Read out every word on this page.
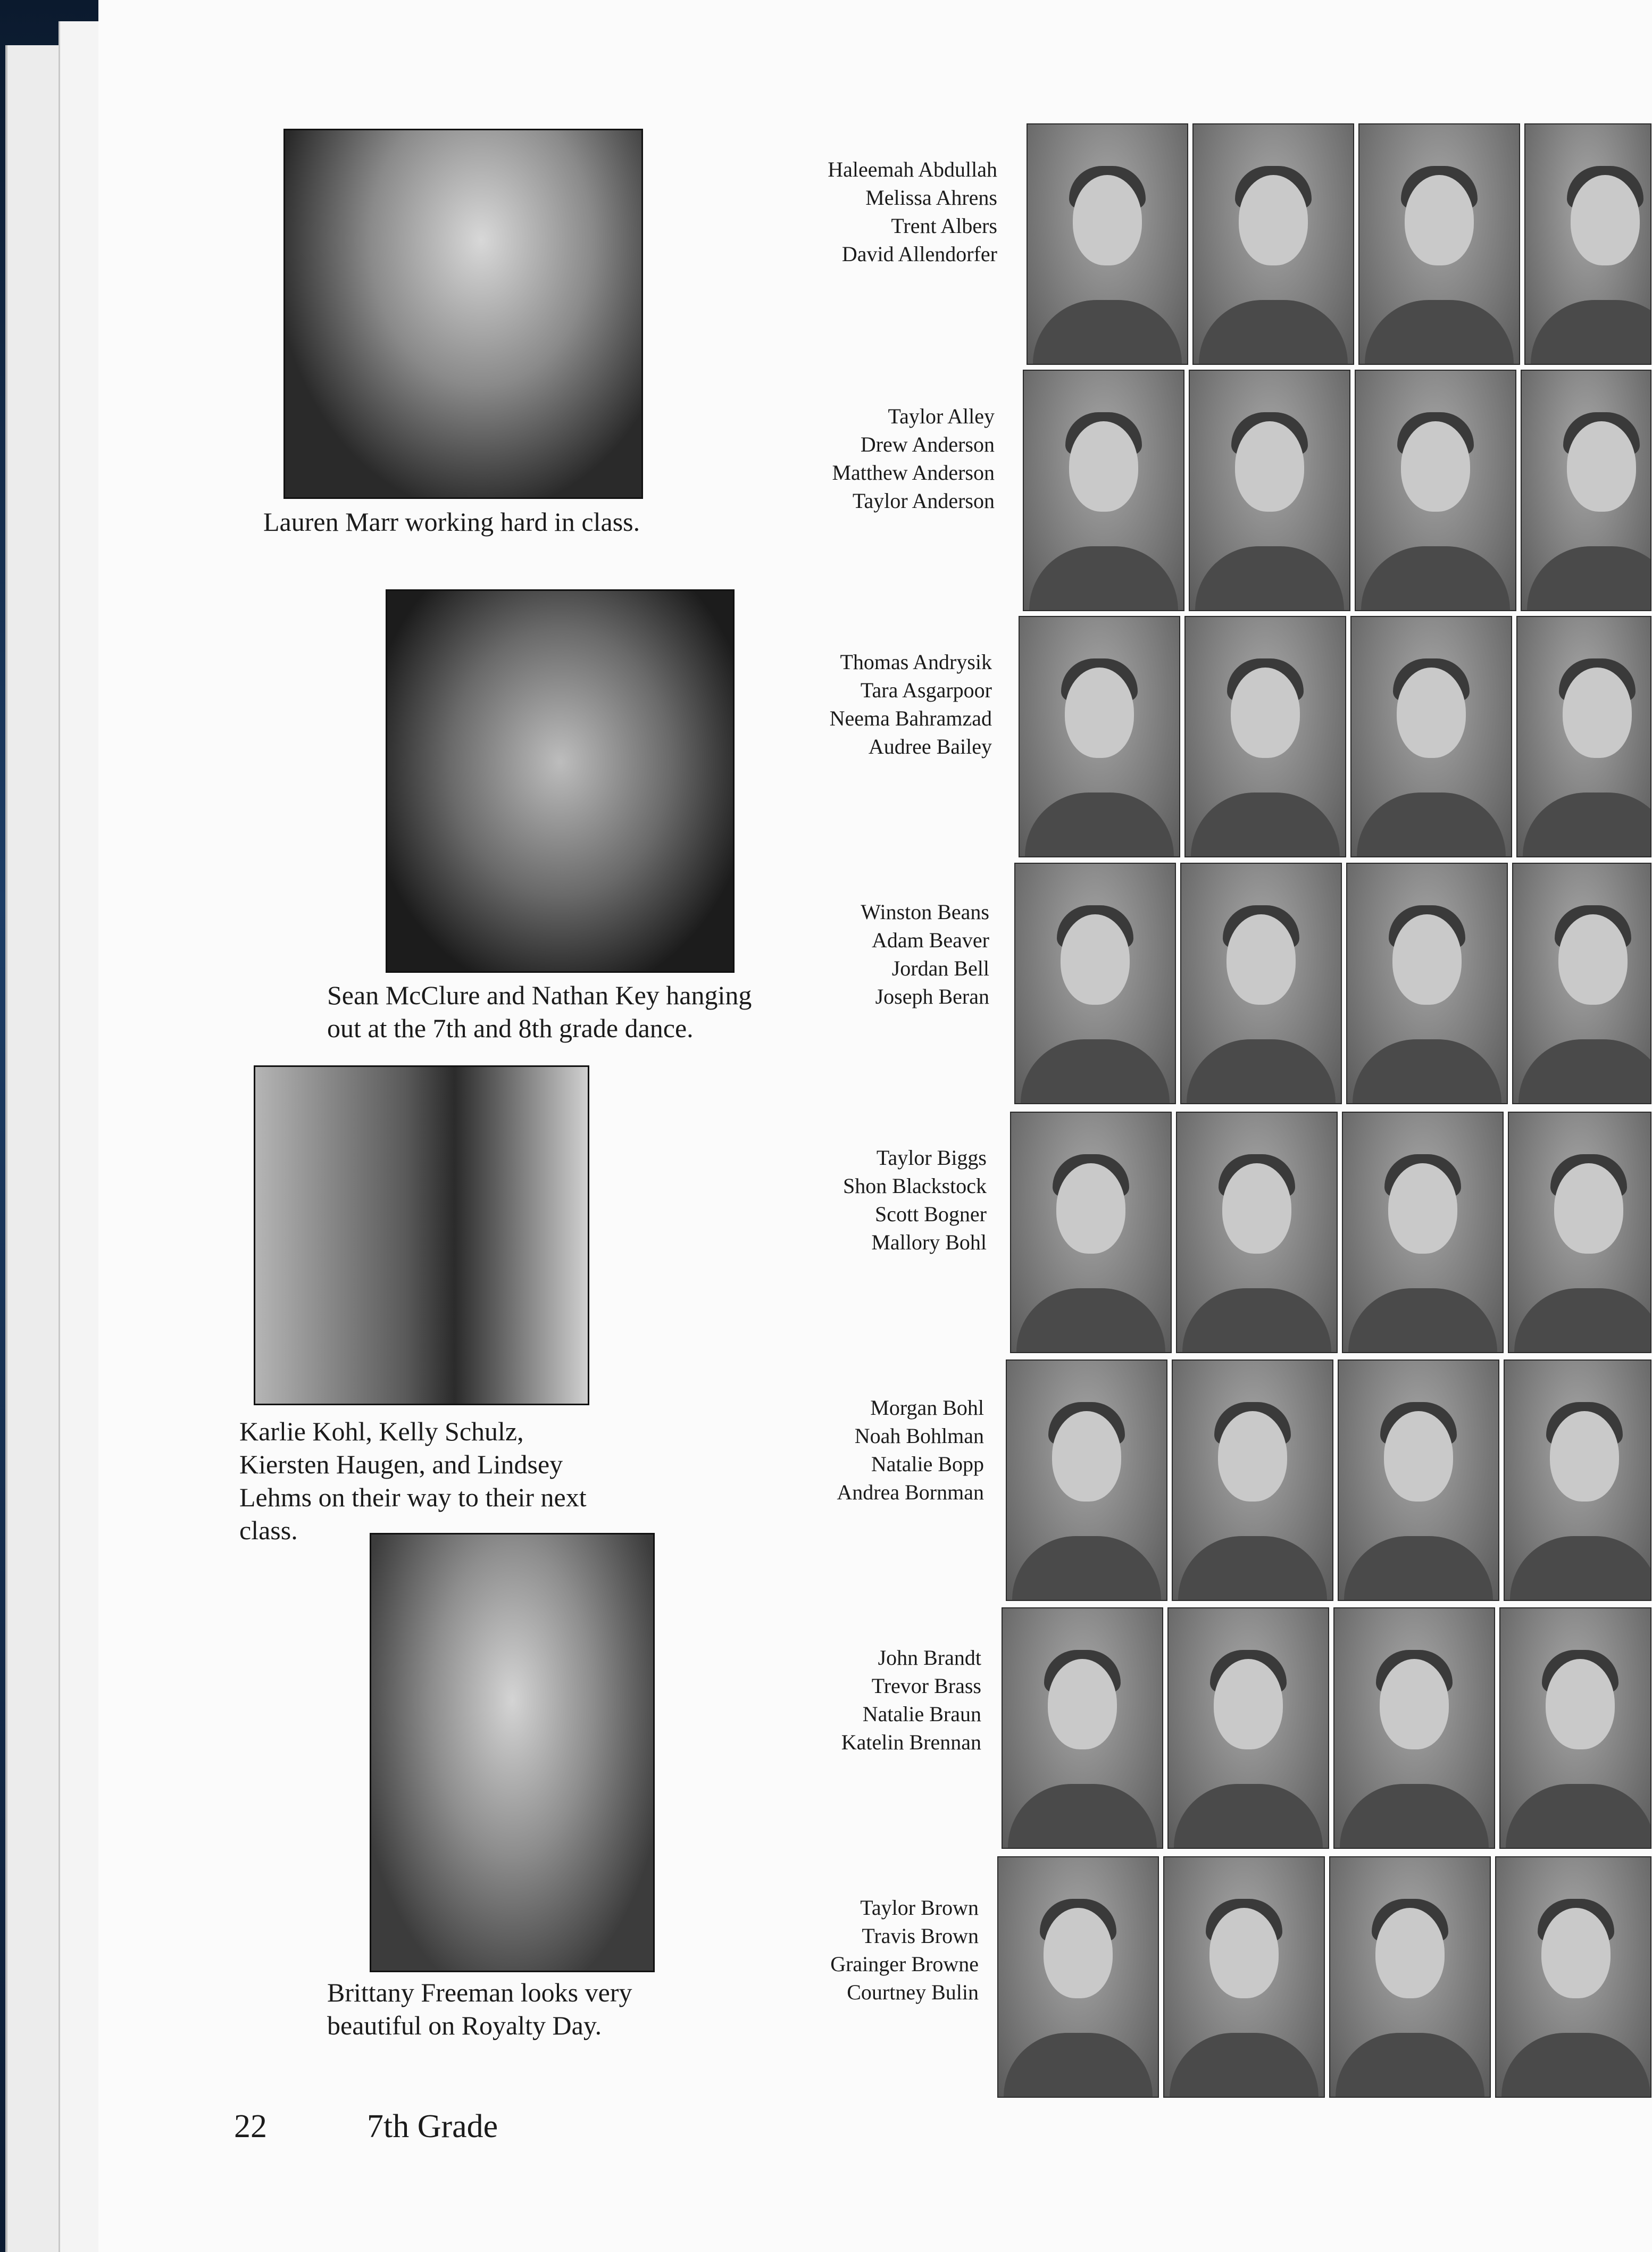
Lauren Marr working hard in class.
Sean McClure and Nathan Key hanging
out at the 7th and 8th grade dance.
Karlie Kohl, Kelly Schulz,
Kiersten Haugen, and Lindsey
Lehms on their way to their next
class.
Brittany Freeman looks very
beautiful on Royalty Day.
Haleemah Abdullah
Melissa Ahrens
Trent Albers
David Allendorfer
Taylor Alley
Drew Anderson
Matthew Anderson
Taylor Anderson
Thomas Andrysik
Tara Asgarpoor
Neema Bahramzad
Audree Bailey
Winston Beans
Adam Beaver
Jordan Bell
Joseph Beran
Taylor Biggs
Shon Blackstock
Scott Bogner
Mallory Bohl
Morgan Bohl
Noah Bohlman
Natalie Bopp
Andrea Bornman
John Brandt
Trevor Brass
Natalie Braun
Katelin Brennan
Taylor Brown
Travis Brown
Grainger Browne
Courtney Bulin
22	7th Grade
